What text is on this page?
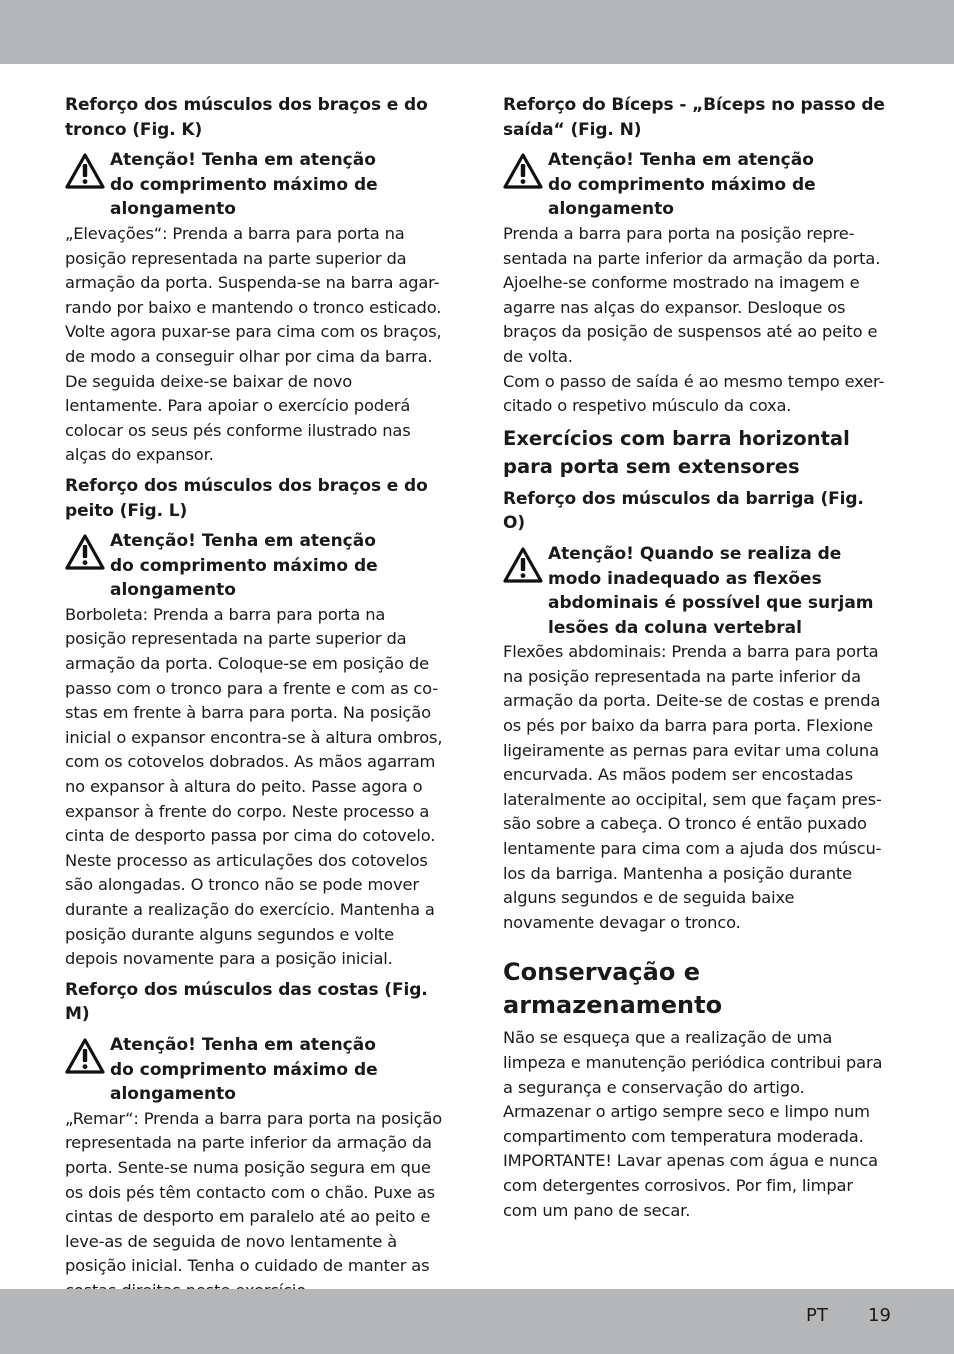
Reforço dos músculos dos braços e do tronco (Fig. K)
Atenção! Tenha em atenção
do comprimento máximo de
alongamento
„Elevações“: Prenda a barra para porta na posição representada na parte superior da armação da porta. Suspenda-se na barra agar-rando por baixo e mantendo o tronco esticado. Volte agora puxar-se para cima com os braços, de modo a conseguir olhar por cima da barra. De seguida deixe-se baixar de novo lentamente. Para apoiar o exercício poderá colocar os seus pés conforme ilustrado nas alças do expansor.
Reforço dos músculos dos braços e do peito (Fig. L)
Atenção! Tenha em atenção
do comprimento máximo de
alongamento
Borboleta: Prenda a barra para porta na posição representada na parte superior da armação da porta. Coloque-se em posição de passo com o tronco para a frente e com as co-stas em frente à barra para porta. Na posição inicial o expansor encontra-se à altura ombros, com os cotovelos dobrados. As mãos agarram no expansor à altura do peito. Passe agora o expansor à frente do corpo. Neste processo a cinta de desporto passa por cima do cotovelo. Neste processo as articulações dos cotovelos são alongadas. O tronco não se pode mover durante a realização do exercício. Mantenha a posição durante alguns segundos e volte depois novamente para a posição inicial.
Reforço dos músculos das costas (Fig. M)
Atenção! Tenha em atenção
do comprimento máximo de
alongamento
„Remar“: Prenda a barra para porta na posição representada na parte inferior da armação da porta. Sente-se numa posição segura em que os dois pés têm contacto com o chão. Puxe as cintas de desporto em paralelo até ao peito e leve-as de seguida de novo lentamente à posição inicial. Tenha o cuidado de manter as
Reforço do Bíceps - „Bíceps no passo de saída“ (Fig. N)
Atenção! Tenha em atenção
do comprimento máximo de
alongamento
Prenda a barra para porta na posição repre-sentada na parte inferior da armação da porta. Ajoelhe-se conforme mostrado na imagem e agarre nas alças do expansor. Desloque os braços da posição de suspensos até ao peito e de volta.
Com o passo de saída é ao mesmo tempo exer-citado o respetivo músculo da coxa.
Exercícios com barra horizontal para porta sem extensores
Reforço dos músculos da barriga (Fig. O)
Atenção! Quando se realiza de
modo inadequado as flexões
abdominais é possível que surjam
lesões da coluna vertebral
Flexões abdominais: Prenda a barra para porta na posição representada na parte inferior da armação da porta. Deite-se de costas e prenda os pés por baixo da barra para porta. Flexione ligeiramente as pernas para evitar uma coluna encurvada. As mãos podem ser encostadas lateralmente ao occipital, sem que façam pres-são sobre a cabeça. O tronco é então puxado lentamente para cima com a ajuda dos múscu-los da barriga. Mantenha a posição durante alguns segundos e de seguida baixe novamente devagar o tronco.
Conservação e armazenamento
Não se esqueça que a realização de uma limpeza e manutenção periódica contribui para a segurança e conservação do artigo.
Armazenar o artigo sempre seco e limpo num compartimento com temperatura moderada.
IMPORTANTE! Lavar apenas com água e nunca com detergentes corrosivos. Por fim, limpar com um pano de secar.
PT 19
